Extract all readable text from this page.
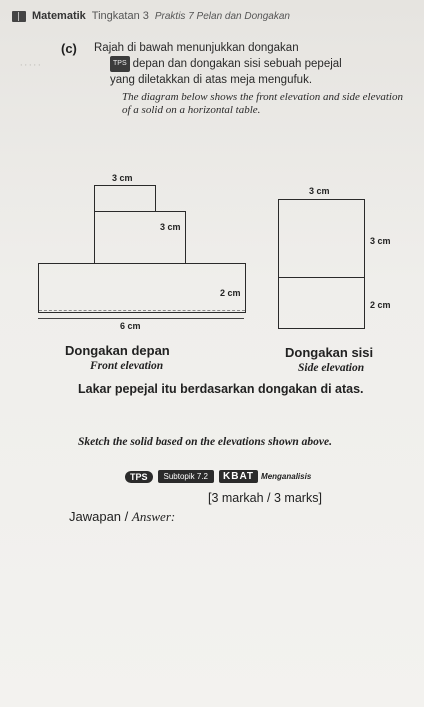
Matematik Tingkatan 3 Praktis 7 Pelan dan Dongakan
· · · · ·
(c) Rajah di bawah menunjukkan dongakan
TPS depan dan dongakan sisi sebuah pepejal
yang diletakkan di atas meja mengufuk.
The diagram below shows the front elevation and side elevation of a solid on a horizontal table.
3 cm
3 cm
2 cm
6 cm
Dongakan depan
Front elevation
3 cm
3 cm
2 cm
Dongakan sisi
Side elevation
Lakar pepejal itu berdasarkan dongakan di atas.
Sketch the solid based on the elevations shown above.
TPS	Subtopik 7.2	KBAT Menganalisis
[3 markah / 3 marks]
Jawapan / Answer:
